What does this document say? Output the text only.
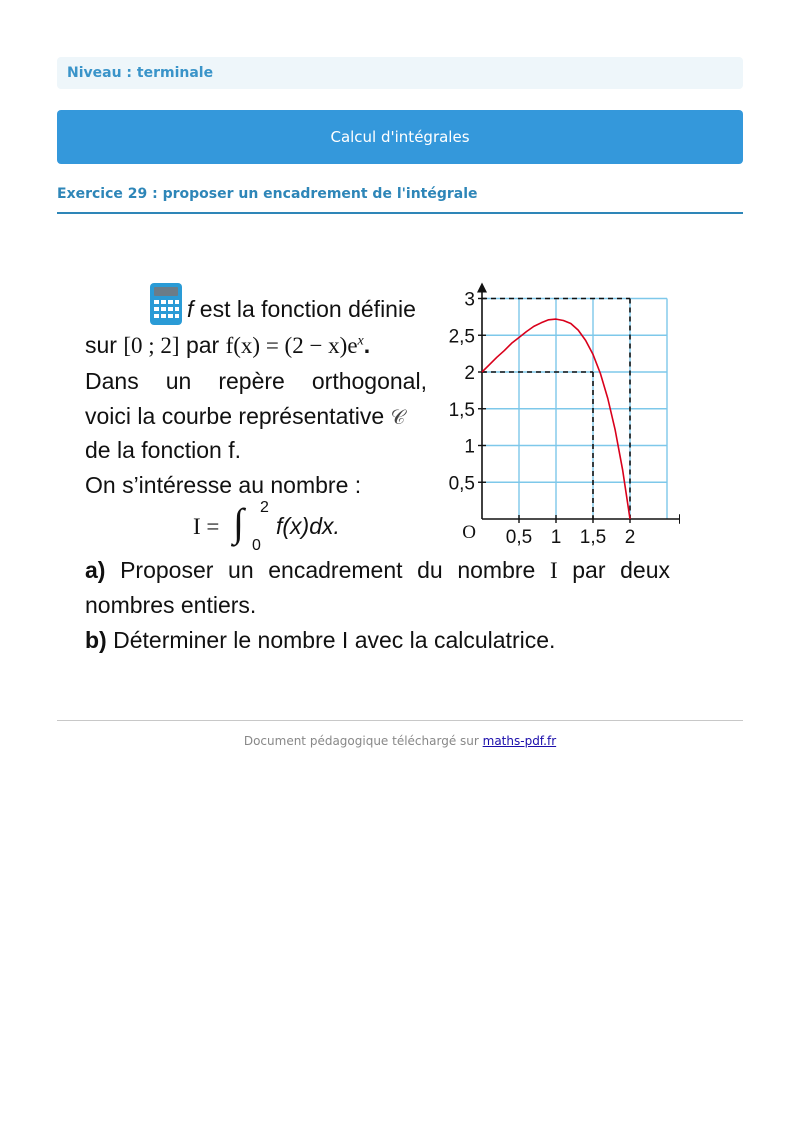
Niveau : terminale
Calcul d'intégrales
Exercice 29 : proposer un encadrement de l'intégrale
f est la fonction définie
sur [0 ; 2] par $f(x) = (2 - x)e^x$.
Dans un repère orthogonal,
voici la courbe représentative 𝒞
de la fonction f.
On s’intéresse au nombre :
I = ∫ 2
0
f(x)dx.
a) Proposer un encadrement du nombre I par deux
nombres entiers.
b) Déterminer le nombre I avec la calculatrice.
0,5 1 1,5 2
0,5
1
1,5
2
2,5
3
O
Document pédagogique téléchargé sur maths-pdf.fr
